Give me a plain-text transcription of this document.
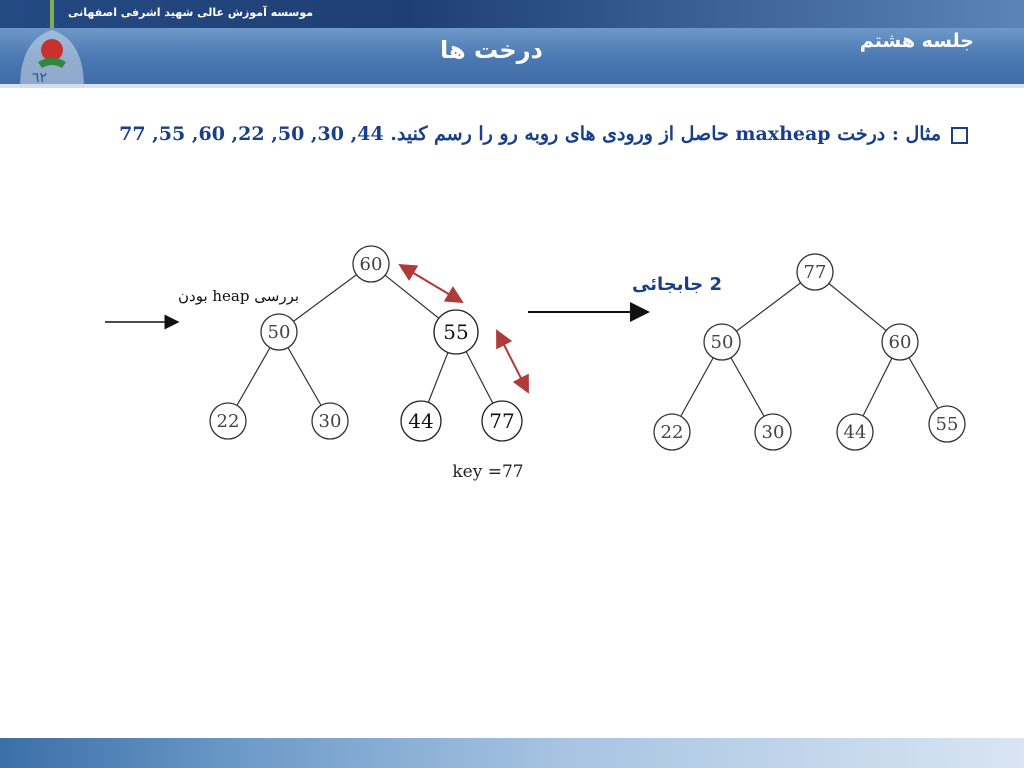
٦٢
موسسه آموزش عالی شهید اشرفی اصفهانی
درخت ها	جلسه هشتم
مثال : درخت maxheap حاصل از ورودی های روبه رو را رسم کنید. 44, 30, 50, 22, 60, 55, 77
بررسی heap بودن
60
50	55
22	30	44	77
key =77
2 جابجائی
77
50	60
22	30	44	55
